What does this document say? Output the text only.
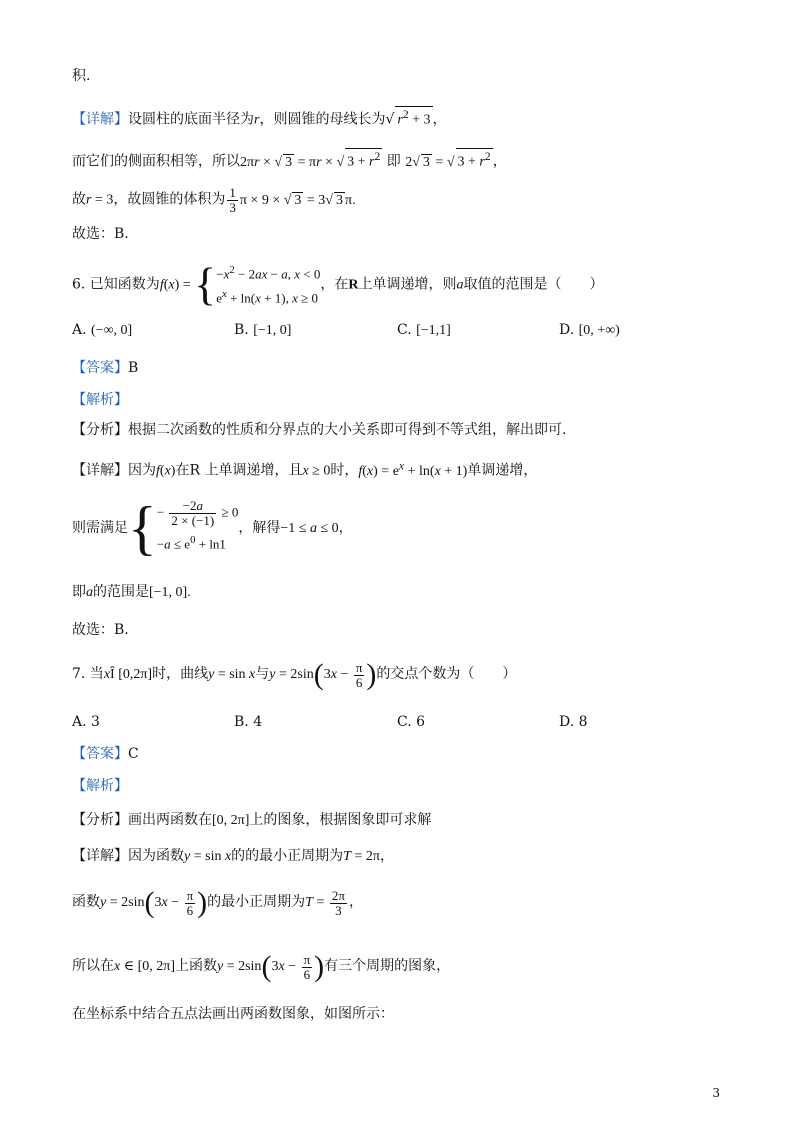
积.
【详解】设圆柱的底面半径为r，则圆锥的母线长为√ $r^2 + 3$ ，
而它们的侧面积相等，所以2πr × √ 3 = πr × √ $3 + r^2$ 即 2√ 3 = √ $3 + r^2$ ，
故r = 3，故圆锥的体积为 $\frac{1}{3}$ π × 9 × √ 3 = 3√ 3 π.
故选：B.
6. 已知函数为f(x) = { $-x^2 - 2ax - a$, x < 0
$e^x + \ln(x + 1)$, x ≥ 0
，在R上单调递增，则a取值的范围是（　　）
A. (−∞, 0]	B. [−1, 0]	C. [−1,1]	D. [0, +∞)
【答案】B
【解析】
【分析】根据二次函数的性质和分界点的大小关系即可得到不等式组，解出即可.
【详解】因为f(x)在R 上单调递增，且x ≥ 0时，$f(x) = e^x + \ln(x + 1)$单调递增，
则需满足{ − $\frac{-2a}{2 \times (-1)} \ge 0$
$-a \le e^0 + \ln 1$
，解得−1 ≤ a ≤ 0，
即a的范围是[−1, 0].
故选：B.
7. 当xÎ [0,2π]时，曲线y = sin x与$y = 2\sin(3x - \frac{\pi}{6}$ )的交点个数为（　　）
A. 3	B. 4	C. 6	D. 8
【答案】C
【解析】
【分析】画出两函数在[0, 2π]上的图象，根据图象即可求解
【详解】因为函数y = sin x的的最小正周期为T = 2π，
函数$y = 2\sin(3x - \frac{\pi}{6}$ )的最小正周期为$T = \frac{2\pi}{3}$ ，
所以在x ∈ [0, 2π]上函数$y = 2\sin(3x - \frac{\pi}{6}$ )有三个周期的图象，
在坐标系中结合五点法画出两函数图象，如图所示：
3
